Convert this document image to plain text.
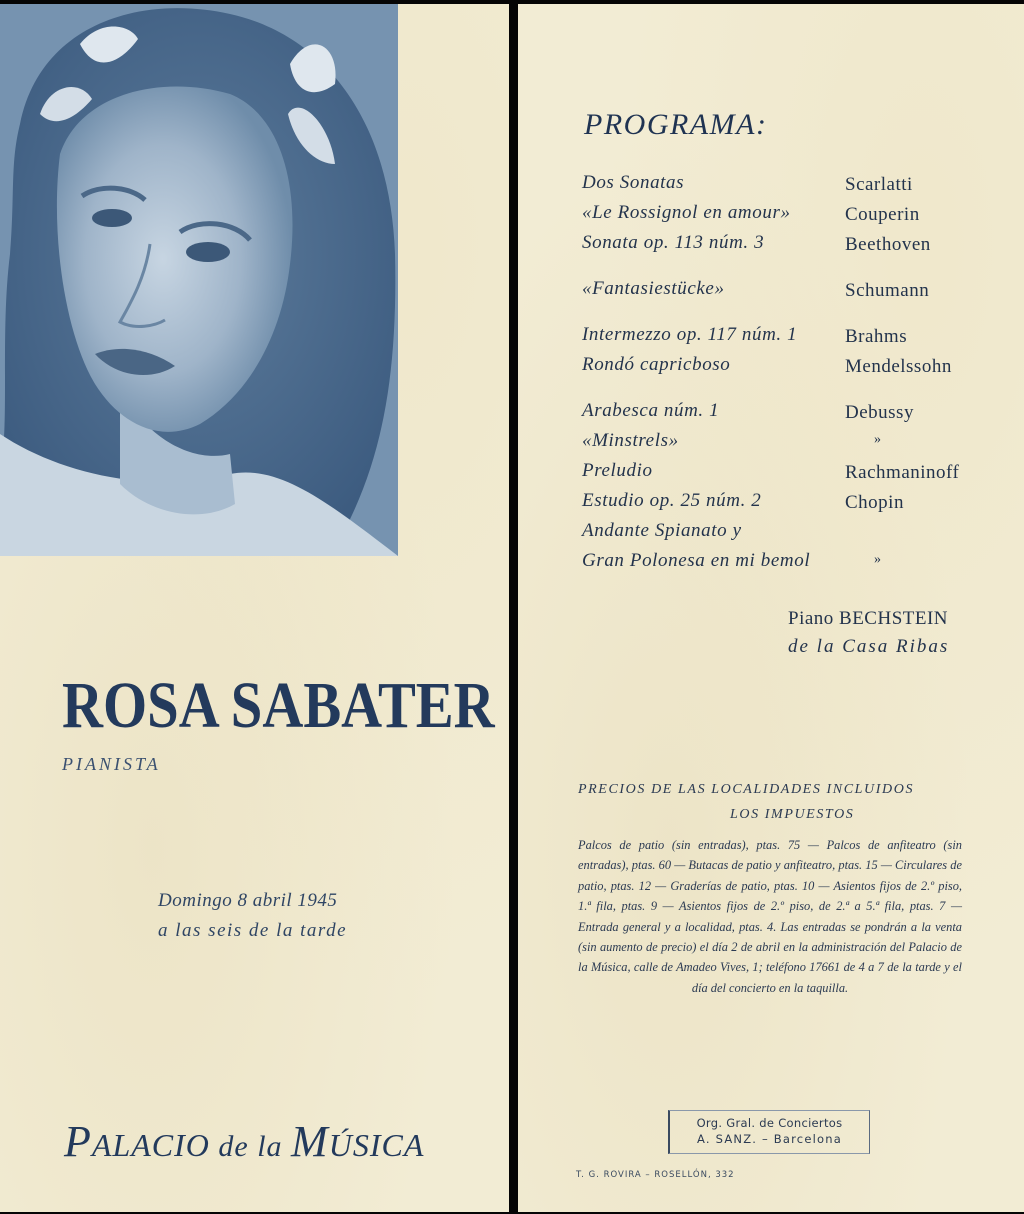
ROSA SABATER
PIANISTA
Domingo 8 abril 1945
a las seis de la tarde
PALACIO de la MÚSICA
PROGRAMA:
Dos Sonatas	Scarlatti
«Le Rossignol en amour»	Couperin
Sonata op. 113 núm. 3	Beethoven
«Fantasiestücke»	Schumann
Intermezzo op. 117 núm. 1	Brahms
Rondó capricboso	Mendelssohn
Arabesca núm. 1	Debussy
«Minstrels»	»
Preludio	Rachmaninoff
Estudio op. 25 núm. 2	Chopin
Andante Spianato y
Gran Polonesa en mi bemol	»
Piano BECHSTEIN
de la Casa Ribas
PRECIOS DE LAS LOCALIDADES INCLUIDOS
LOS IMPUESTOS
Palcos de patio (sin entradas), ptas. 75 — Palcos de anfiteatro (sin entradas), ptas. 60 — Butacas de patio y anfiteatro, ptas. 15 — Circulares de patio, ptas. 12 — Graderías de patio, ptas. 10 — Asientos fijos de 2.º piso, 1.ª fila, ptas. 9 — Asientos fijos de 2.º piso, de 2.ª a 5.ª fila, ptas. 7 — Entrada general y a localidad, ptas. 4. Las entradas se pondrán a la venta (sin aumento de precio) el día 2 de abril en la administración del Palacio de la Música, calle de Amadeo Vives, 1; teléfono 17661 de 4 a 7 de la tarde y el día del concierto en la taquilla.
Org. Gral. de Conciertos
A. SANZ. – Barcelona
T. G. ROVIRA – ROSELLÓN, 332
